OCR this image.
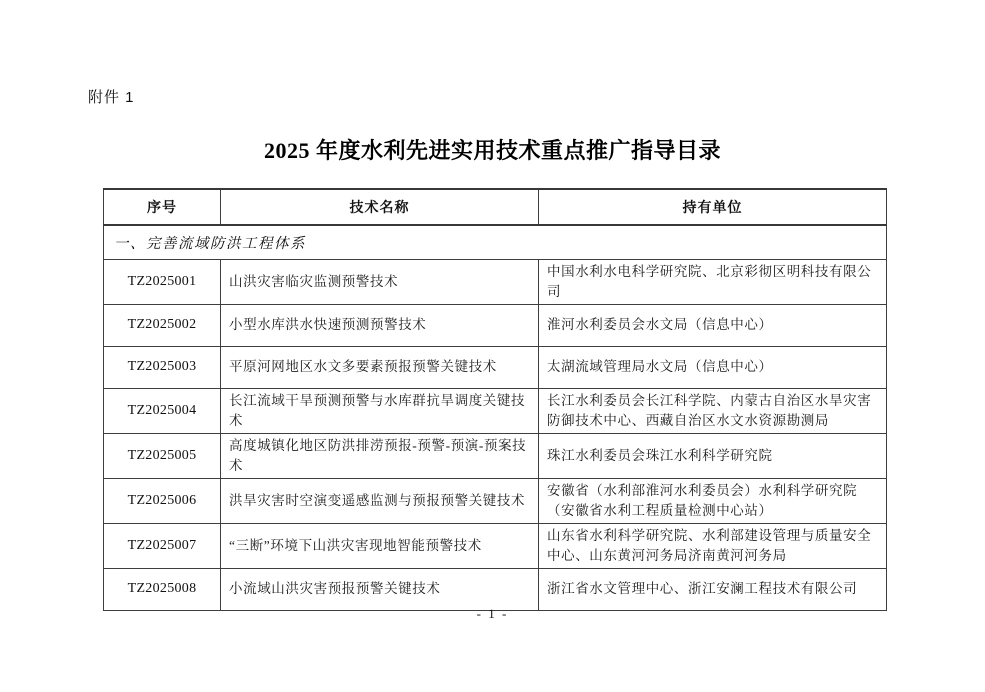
附件 1
2025 年度水利先进实用技术重点推广指导目录
序号	技术名称	持有单位
一、完善流域防洪工程体系		
TZ2025001	山洪灾害临灾监测预警技术	中国水利水电科学研究院、北京彩彻区明科技有限公司
TZ2025002	小型水库洪水快速预测预警技术	淮河水利委员会水文局（信息中心）
TZ2025003	平原河网地区水文多要素预报预警关键技术	太湖流域管理局水文局（信息中心）
TZ2025004	长江流域干旱预测预警与水库群抗旱调度关键技术	长江水利委员会长江科学院、内蒙古自治区水旱灾害防御技术中心、西藏自治区水文水资源勘测局
TZ2025005	高度城镇化地区防洪排涝预报-预警-预演-预案技术	珠江水利委员会珠江水利科学研究院
TZ2025006	洪旱灾害时空演变遥感监测与预报预警关键技术	安徽省（水利部淮河水利委员会）水利科学研究院（安徽省水利工程质量检测中心站）
TZ2025007	“三断”环境下山洪灾害现地智能预警技术	山东省水利科学研究院、水利部建设管理与质量安全中心、山东黄河河务局济南黄河河务局
TZ2025008	小流域山洪灾害预报预警关键技术	浙江省水文管理中心、浙江安澜工程技术有限公司
- 1 -
